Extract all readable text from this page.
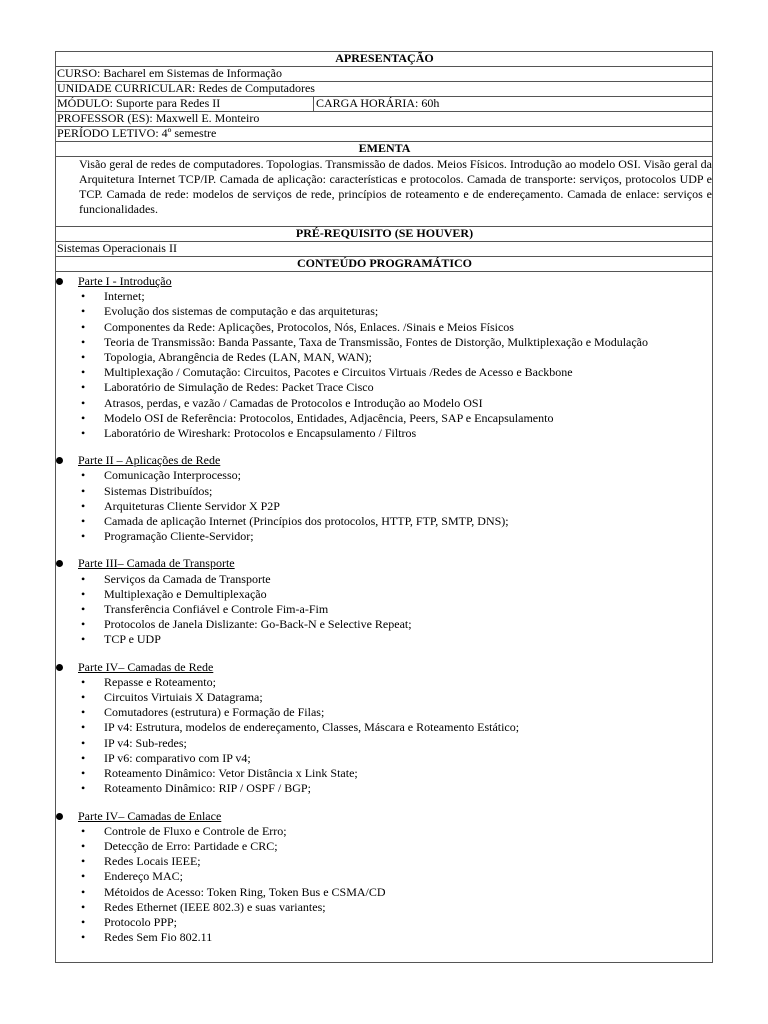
APRESENTAÇÃO
CURSO: Bacharel em Sistemas de Informação
UNIDADE CURRICULAR: Redes de Computadores
MÓDULO: Suporte para Redes II	CARGA HORÁRIA: 60h
PROFESSOR (ES): Maxwell E. Monteiro
PERÍODO LETIVO: 4º semestre
EMENTA
Visão geral de redes de computadores. Topologias. Transmissão de dados. Meios Físicos. Introdução ao modelo OSI. Visão geral da Arquitetura Internet TCP/IP. Camada de aplicação: características e protocolos. Camada de transporte: serviços, protocolos UDP e TCP. Camada de rede: modelos de serviços de rede, princípios de roteamento e de endereçamento. Camada de enlace: serviços e funcionalidades.
PRÉ-REQUISITO (SE HOUVER)
Sistemas Operacionais II
CONTEÚDO PROGRAMÁTICO
Parte I - Introdução
• Internet;
• Evolução dos sistemas de computação e das arquiteturas;
• Componentes da Rede: Aplicações, Protocolos, Nós, Enlaces. /Sinais e Meios Físicos
• Teoria de Transmissão: Banda Passante, Taxa de Transmissão, Fontes de Distorção, Mulktiplexação e Modulação
• Topologia, Abrangência de Redes (LAN, MAN, WAN);
• Multiplexação / Comutação: Circuitos, Pacotes e Circuitos Virtuais /Redes de Acesso e Backbone
• Laboratório de Simulação de Redes: Packet Trace Cisco
• Atrasos, perdas, e vazão / Camadas de Protocolos e Introdução ao Modelo OSI
• Modelo OSI de Referência: Protocolos, Entidades, Adjacência, Peers, SAP e Encapsulamento
• Laboratório de Wireshark: Protocolos e Encapsulamento / Filtros
Parte II – Aplicações de Rede
• Comunicação Interprocesso;
• Sistemas Distribuídos;
• Arquiteturas Cliente Servidor X P2P
• Camada de aplicação Internet (Princípios dos protocolos, HTTP, FTP, SMTP, DNS);
• Programação Cliente-Servidor;
Parte III– Camada de Transporte
• Serviços da Camada de Transporte
• Multiplexação e Demultiplexação
• Transferência Confiável e Controle Fim-a-Fim
• Protocolos de Janela Dislizante: Go-Back-N e Selective Repeat;
• TCP e UDP
Parte IV– Camadas de Rede
• Repasse e Roteamento;
• Circuitos Virtuiais X Datagrama;
• Comutadores (estrutura) e Formação de Filas;
• IP v4: Estrutura, modelos de endereçamento, Classes, Máscara e Roteamento Estático;
• IP v4: Sub-redes;
• IP v6: comparativo com IP v4;
• Roteamento Dinâmico: Vetor Distância x Link State;
• Roteamento Dinâmico: RIP / OSPF / BGP;
Parte IV– Camadas de Enlace
• Controle de Fluxo e Controle de Erro;
• Detecção de Erro: Partidade e CRC;
• Redes Locais IEEE;
• Endereço MAC;
• Métoidos de Acesso: Token Ring, Token Bus e CSMA/CD
• Redes Ethernet (IEEE 802.3) e suas variantes;
• Protocolo PPP;
• Redes Sem Fio 802.11
